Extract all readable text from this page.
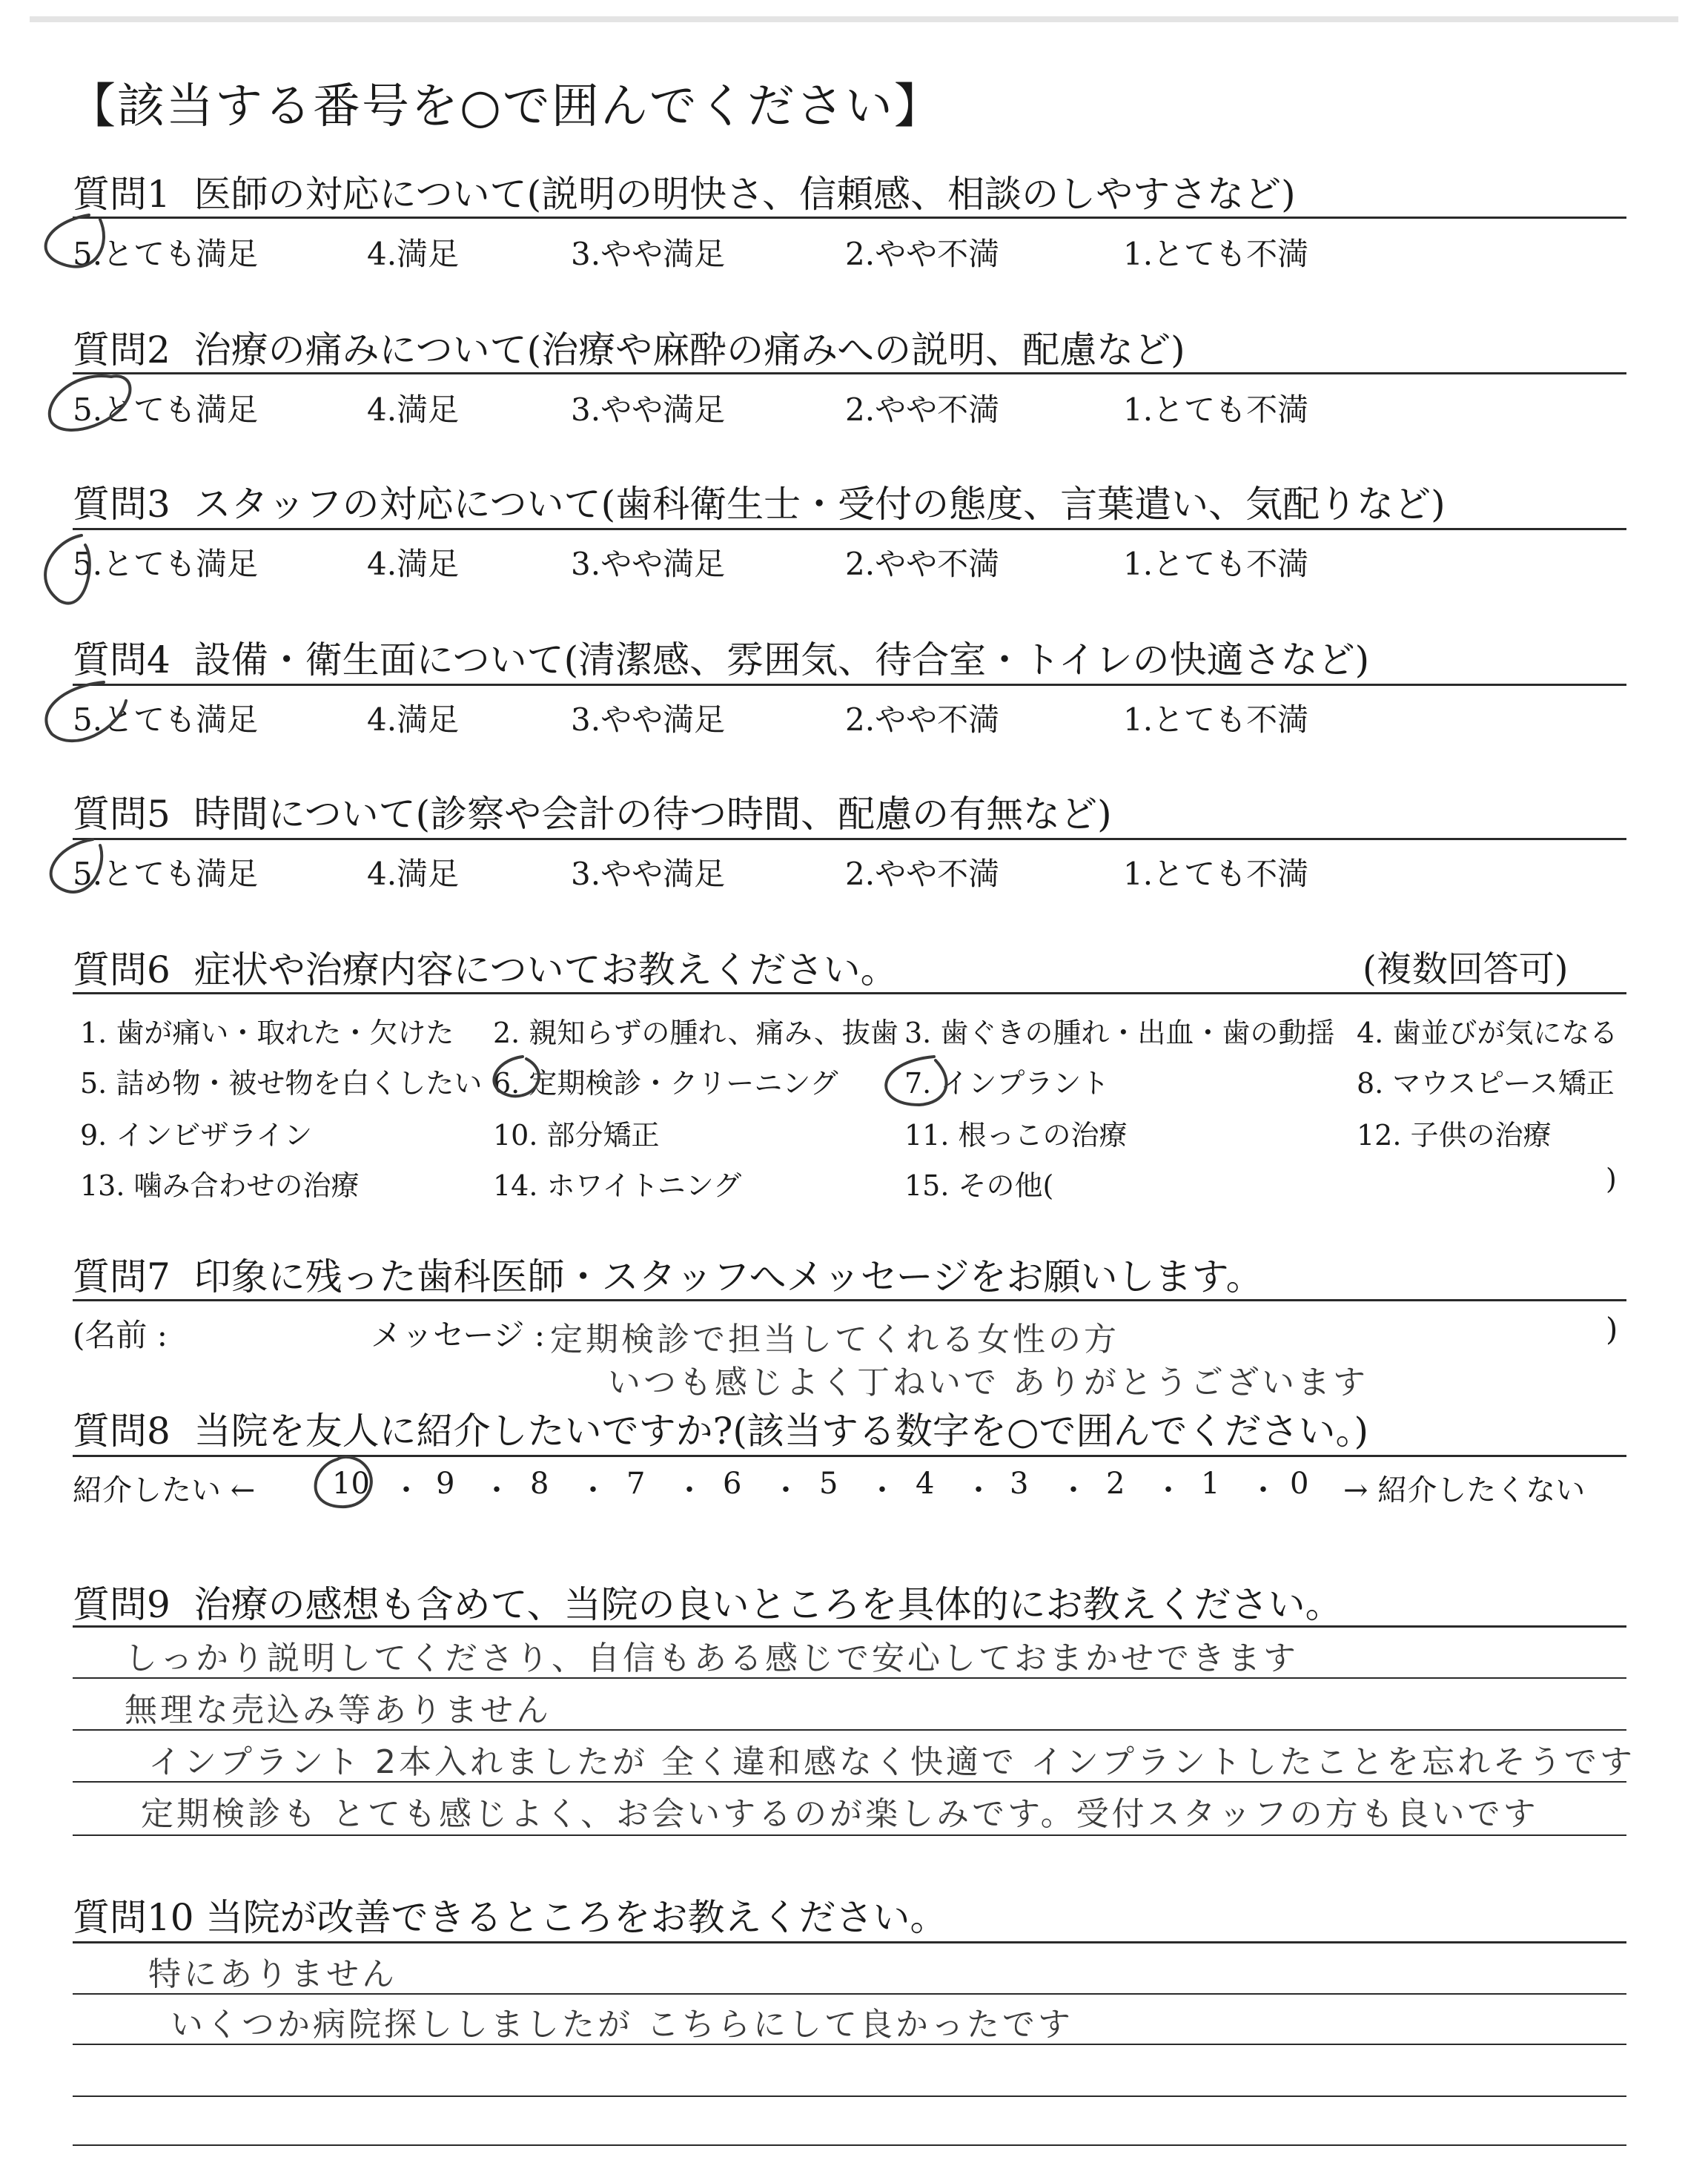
【該当する番号を○で囲んでください】
質問1 医師の対応について(説明の明快さ、信頼感、相談のしやすさなど)
5.とても満足	4.満足	3.やや満足	2.やや不満	1.とても不満
質問2 治療の痛みについて(治療や麻酔の痛みへの説明、配慮など)
5.とても満足	4.満足	3.やや満足	2.やや不満	1.とても不満
質問3 スタッフの対応について(歯科衛生士・受付の態度、言葉遣い、気配りなど)
5.とても満足	4.満足	3.やや満足	2.やや不満	1.とても不満
質問4 設備・衛生面について(清潔感、雰囲気、待合室・トイレの快適さなど)
5.とても満足	4.満足	3.やや満足	2.やや不満	1.とても不満
質問5 時間について(診察や会計の待つ時間、配慮の有無など)
5.とても満足	4.満足	3.やや満足	2.やや不満	1.とても不満
質問6 症状や治療内容についてお教えください。	(複数回答可)
1. 歯が痛い・取れた・欠けた 2. 親知らずの腫れ、痛み、抜歯 3. 歯ぐきの腫れ・出血・歯の動揺 4. 歯並びが気になる
5. 詰め物・被せ物を白くしたい 6. 定期検診・クリーニング 7. インプラント	8. マウスピース矯正
9. インビザライン	10. 部分矯正	11. 根っこの治療	12. 子供の治療
13. 噛み合わせの治療	14. ホワイトニング	15. その他(	)
質問7 印象に残った歯科医師・スタッフへメッセージをお願いします。
(名前 :	メッセージ :	)
定期検診で担当してくれる女性の方
いつも感じよく丁ねいで ありがとうございます
質問8 当院を友人に紹介したいですか?(該当する数字を○で囲んでください。)
紹介したい ←	10 ・ 9 ・ 8 ・ 7 ・ 6 ・ 5 ・ 4 ・ 3 ・ 2 ・ 1 ・ 0 → 紹介したくない
質問9 治療の感想も含めて、当院の良いところを具体的にお教えください。
しっかり説明してくださり、自信もある感じで安心しておまかせできます
無理な売込み等ありません
インプラント 2本入れましたが 全く違和感なく快適で インプラントしたことを忘れそうです
定期検診も とても感じよく、お会いするのが楽しみです。受付スタッフの方も良いです
質問10 当院が改善できるところをお教えください。
特にありません
いくつか病院探ししましたが こちらにして良かったです
